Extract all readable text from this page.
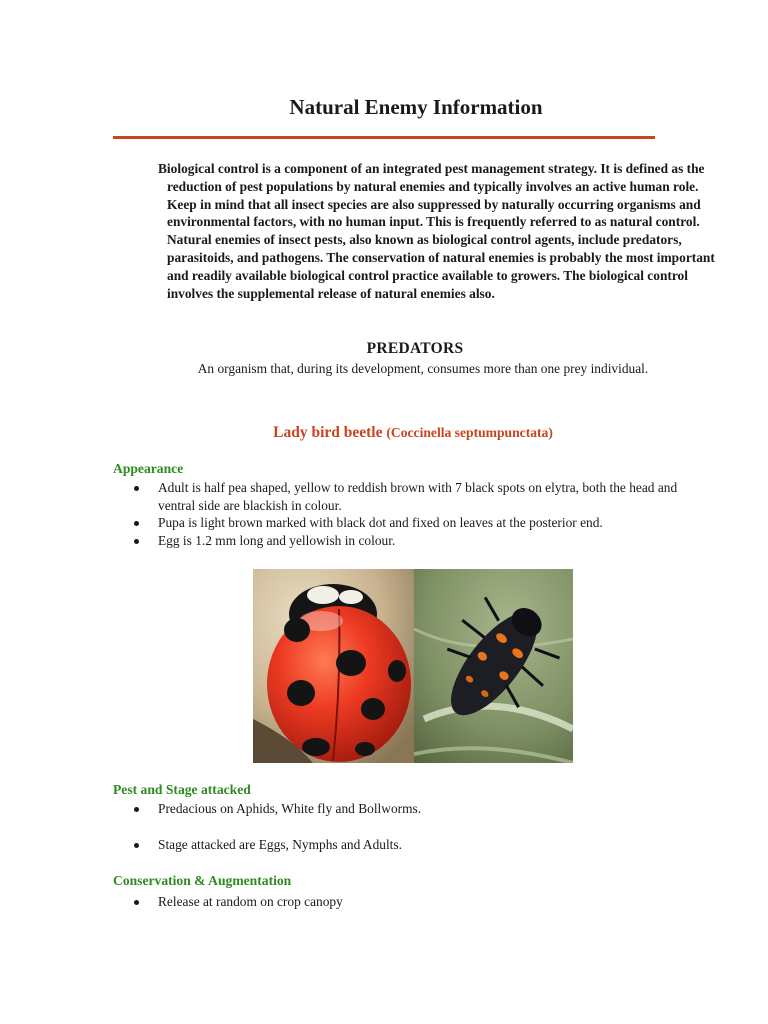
Natural Enemy Information

Biological control is a component of an integrated pest management strategy. It is defined as the reduction of pest populations by natural enemies and typically involves an active human role. Keep in mind that all insect species are also suppressed by naturally occurring organisms and environmental factors, with no human input. This is frequently referred to as natural control. Natural enemies of insect pests, also known as biological control agents, include predators, parasitoids, and pathogens. The conservation of natural enemies is probably the most important and readily available biological control practice available to growers. The biological control involves the supplemental release of natural enemies also.

PREDATORS

An organism that, during its development, consumes more than one prey individual.

Lady bird beetle (Coccinella septumpunctata)
Appearance
Adult is half pea shaped, yellow to reddish brown with 7 black spots on elytra, both the head and ventral side are blackish in colour.
Pupa is light brown marked with black dot and fixed on leaves at the posterior end.
Egg is 1.2 mm long and yellowish in colour.
Pest and Stage attacked
Predacious on Aphids, White fly and Bollworms.
Stage attacked are Eggs, Nymphs and Adults.
Conservation & Augmentation
Release at random on crop canopy
